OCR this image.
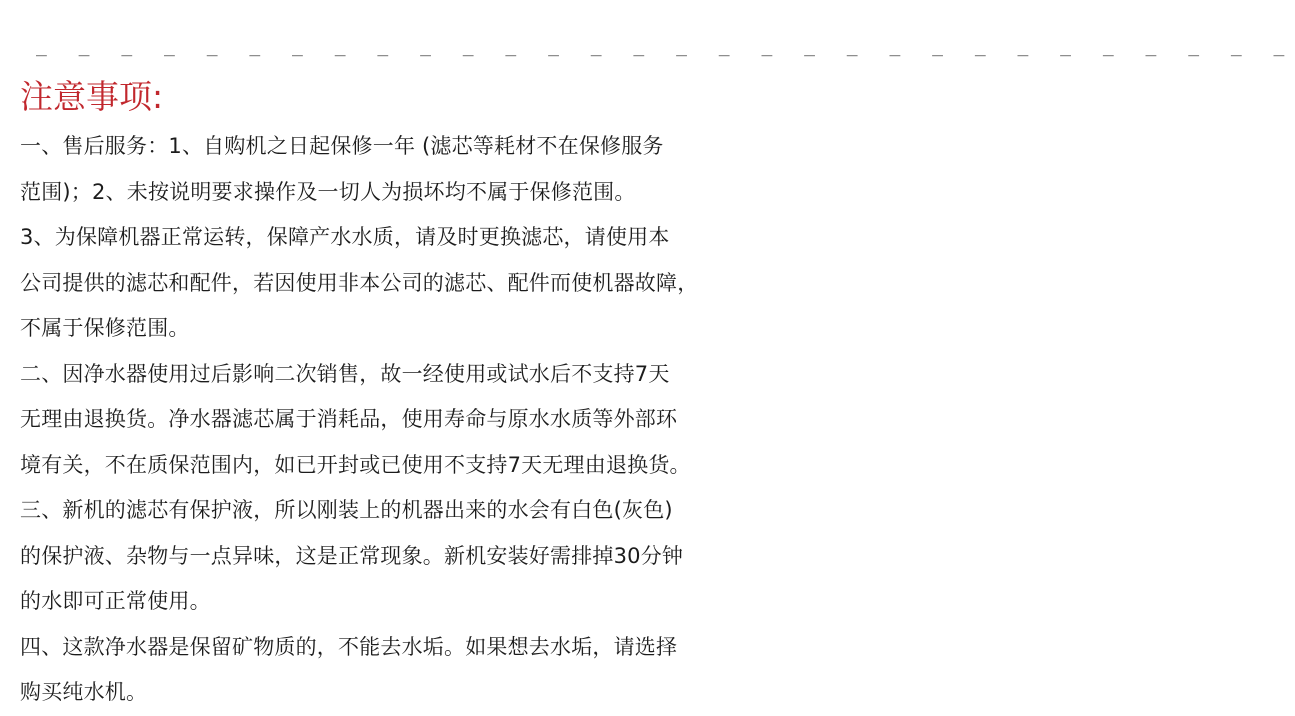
_ _ _ _ _ _ _ _ _ _ _ _ _ _ _ _ _ _ _ _ _ _ _ _ _ _ _ _ _ _
注意事项:

一、售后服务：1、自购机之日起保修一年 (滤芯等耗材不在保修服务

范围)；2、未按说明要求操作及一切人为损坏均不属于保修范围。

3、为保障机器正常运转，保障产水水质，请及时更换滤芯，请使用本

公司提供的滤芯和配件，若因使用非本公司的滤芯、配件而使机器故障，

不属于保修范围。

二、因净水器使用过后影响二次销售，故一经使用或试水后不支持7天

无理由退换货。净水器滤芯属于消耗品，使用寿命与原水水质等外部环

境有关，不在质保范围内，如已开封或已使用不支持7天无理由退换货。

三、新机的滤芯有保护液，所以刚装上的机器出来的水会有白色(灰色)

的保护液、杂物与一点异味，这是正常现象。新机安装好需排掉30分钟

的水即可正常使用。

四、这款净水器是保留矿物质的，不能去水垢。如果想去水垢，请选择

购买纯水机。
